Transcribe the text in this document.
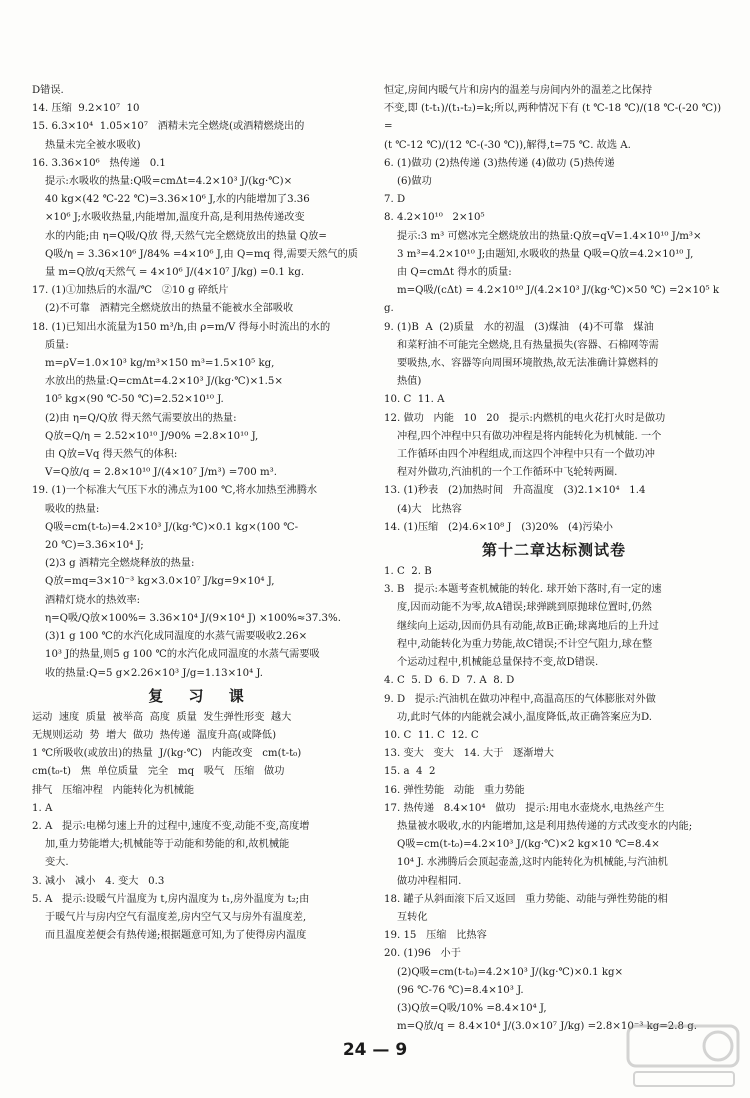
D错误.
14. 压缩  9.2×10⁷  10
15. 6.3×10⁴  1.05×10⁷   酒精未完全燃烧(或酒精燃烧出的
热量未完全被水吸收)
16. 3.36×10⁶   热传递   0.1
提示:水吸收的热量:Q吸=cmΔt=4.2×10³ J/(kg·℃)×
40 kg×(42 ℃-22 ℃)=3.36×10⁶ J,水的内能增加了3.36
×10⁶ J;水吸收热量,内能增加,温度升高,是利用热传递改变
水的内能;由 η=Q吸/Q放 得,天然气完全燃烧放出的热量 Q放=
Q吸/η = 3.36×10⁶ J/84% =4×10⁶ J,由 Q=mq 得,需要天然气的质
量 m=Q放/q天然气 = 4×10⁶ J/(4×10⁷ J/kg) =0.1 kg.
17. (1)①加热后的水温/℃   ②10 g 碎纸片
(2)不可靠   酒精完全燃烧放出的热量不能被水全部吸收
18. (1)已知出水流量为150 m³/h,由 ρ=m/V 得每小时流出的水的
质量:
m=ρV=1.0×10³ kg/m³×150 m³=1.5×10⁵ kg,
水放出的热量:Q=cmΔt=4.2×10³ J/(kg·℃)×1.5×
10⁵ kg×(90 ℃-50 ℃)=2.52×10¹⁰ J.
(2)由 η=Q/Q放 得天然气需要放出的热量:
Q放=Q/η = 2.52×10¹⁰ J/90% =2.8×10¹⁰ J,
由 Q放=Vq 得天然气的体积:
V=Q放/q = 2.8×10¹⁰ J/(4×10⁷ J/m³) =700 m³.
19. (1)一个标准大气压下水的沸点为100 ℃,将水加热至沸腾水
吸收的热量:
Q吸=cm(t-t₀)=4.2×10³ J/(kg·℃)×0.1 kg×(100 ℃-
20 ℃)=3.36×10⁴ J;
(2)3 g 酒精完全燃烧释放的热量:
Q放=mq=3×10⁻³ kg×3.0×10⁷ J/kg=9×10⁴ J,
酒精灯烧水的热效率:
η=Q吸/Q放×100%= 3.36×10⁴ J/(9×10⁴ J) ×100%≈37.3%.
(3)1 g 100 ℃的水汽化成同温度的水蒸气需要吸收2.26×
10³ J的热量,则5 g 100 ℃的水汽化成同温度的水蒸气需要吸
收的热量:Q=5 g×2.26×10³ J/g=1.13×10⁴ J.
复 习 课
运动  速度  质量  被举高  高度  质量  发生弹性形变  越大
无规则运动  势  增大  做功  热传递  温度升高(或降低)
1 ℃所吸收(或放出)的热量  J/(kg·℃)   内能改变   cm(t-t₀)
cm(t₀-t)   焦  单位质量   完全   mq   吸气   压缩   做功
排气   压缩冲程   内能转化为机械能
1. A
2. A   提示:电梯匀速上升的过程中,速度不变,动能不变,高度增
加,重力势能增大;机械能等于动能和势能的和,故机械能
变大.
3. 减小   减小   4. 变大   0.3
5. A   提示:设暖气片温度为 t,房内温度为 t₁,房外温度为 t₂;由
于暖气片与房内空气有温度差,房内空气又与房外有温度差,
而且温度差便会有热传递;根据题意可知,为了使得房内温度
恒定,房间内暖气片和房内的温差与房间内外的温差之比保持
不变,即 (t-t₁)/(t₁-t₂)=k;所以,两种情况下有 (t ℃-18 ℃)/(18 ℃-(-20 ℃))=
(t ℃-12 ℃)/(12 ℃-(-30 ℃)),解得,t=75 ℃. 故选 A.
6. (1)做功 (2)热传递 (3)热传递 (4)做功 (5)热传递
(6)做功
7. D
8. 4.2×10¹⁰   2×10⁵
提示:3 m³ 可燃冰完全燃烧放出的热量:Q放=qV=1.4×10¹⁰ J/m³×
3 m³=4.2×10¹⁰ J;由题知,水吸收的热量 Q吸=Q放=4.2×10¹⁰ J,
由 Q=cmΔt 得水的质量:
m=Q吸/(cΔt) = 4.2×10¹⁰ J/(4.2×10³ J/(kg·℃)×50 ℃) =2×10⁵ kg.
9. (1)B  A  (2)质量   水的初温   (3)煤油   (4)不可靠   煤油
和菜籽油不可能完全燃烧,且有热量损失(容器、石棉网等需
要吸热,水、容器等向周围环境散热,故无法准确计算燃料的
热值)
10. C  11. A
12. 做功   内能   10   20   提示:内燃机的电火花打火时是做功
冲程,四个冲程中只有做功冲程是将内能转化为机械能. 一个
工作循环由四个冲程组成,而这四个冲程中只有一个做功冲
程对外做功,汽油机的一个工作循环中飞轮转两圈.
13. (1)秒表   (2)加热时间   升高温度   (3)2.1×10⁴   1.4
(4)大   比热容
14. (1)压缩   (2)4.6×10⁸ J   (3)20%   (4)污染小
第十二章达标测试卷
1. C  2. B
3. B   提示:本题考查机械能的转化. 球开始下落时,有一定的速
度,因而动能不为零,故A错误;球弹跳到原抛球位置时,仍然
继续向上运动,因而仍具有动能,故B正确;球离地后的上升过
程中,动能转化为重力势能,故C错误;不计空气阻力,球在整
个运动过程中,机械能总量保持不变,故D错误.
4. C  5. D  6. D  7. A  8. D
9. D   提示:汽油机在做功冲程中,高温高压的气体膨胀对外做
功,此时气体的内能就会减小,温度降低,故正确答案应为D.
10. C  11. C  12. C
13. 变大   变大   14. 大于   逐渐增大
15. a  4  2
16. 弹性势能   动能   重力势能
17. 热传递   8.4×10⁴   做功   提示:用电水壶烧水,电热丝产生
热量被水吸收,水的内能增加,这是利用热传递的方式改变水的内能;
Q吸=cm(t-t₀)=4.2×10³ J/(kg·℃)×2 kg×10 ℃=8.4×
10⁴ J. 水沸腾后会顶起壶盖,这时内能转化为机械能,与汽油机
做功冲程相同.
18. 罐子从斜面滚下后又返回   重力势能、动能与弹性势能的相
互转化
19. 15   压缩   比热容
20. (1)96   小于
(2)Q吸=cm(t-t₀)=4.2×10³ J/(kg·℃)×0.1 kg×
(96 ℃-76 ℃)=8.4×10³ J.
(3)Q放=Q吸/10% =8.4×10⁴ J,
m=Q放/q = 8.4×10⁴ J/(3.0×10⁷ J/kg) =2.8×10⁻³ kg=2.8 g.
24 — 9
